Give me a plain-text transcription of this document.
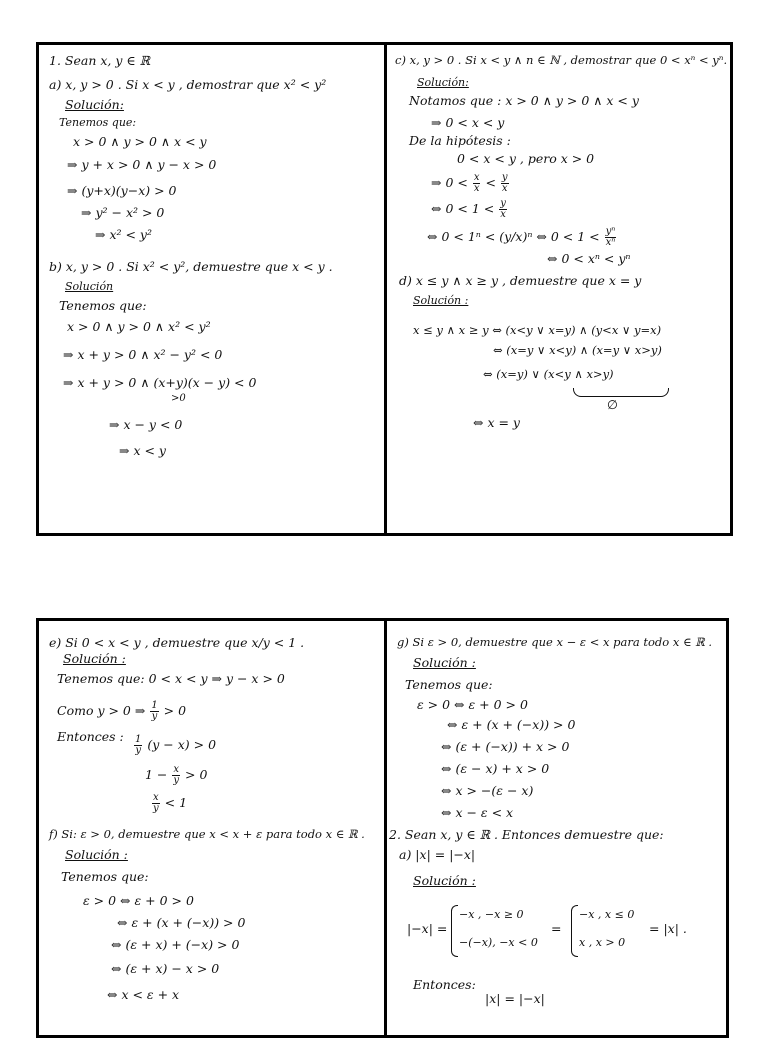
1. Sean x, y ∈ ℝ
a) x, y > 0 . Si x < y , demostrar que x² < y²
Solución:
Tenemos que:
x > 0 ∧ y > 0 ∧ x < y
⇒ y + x > 0 ∧ y − x > 0
⇒ (y+x)(y−x) > 0
⇒ y² − x² > 0
⇒ x² < y²
b) x, y > 0 . Si x² < y², demuestre que x < y .
Solución
Tenemos que:
x > 0 ∧ y > 0 ∧ x² < y²
⇒ x + y > 0 ∧ x² − y² < 0
⇒ x + y > 0 ∧ (x+y)(x − y) < 0
>0
⇒ x − y < 0
⇒ x < y
c) x, y > 0 . Si x < y ∧ n ∈ ℕ , demostrar que 0 < xⁿ < yⁿ.
Solución:
Notamos que : x > 0 ∧ y > 0 ∧ x < y
⇒ 0 < x < y
De la hipótesis :
0 < x < y , pero x > 0
⇒ $0 < \frac{x}{x} < \frac{y}{x}$
⇔ $0 < 1 < \frac{y}{x}$
⇔ 0 < 1ⁿ < (y/x)ⁿ ⇔ $0 < 1 < \frac{\text{yⁿ}}{\text{xⁿ}}$
⇔ 0 < xⁿ < yⁿ
d) x ≤ y ∧ x ≥ y , demuestre que x = y
Solución :
x ≤ y ∧ x ≥ y ⇔ (x<y ∨ x=y) ∧ (y<x ∨ y=x)
⇔ (x=y ∨ x<y) ∧ (x=y ∨ x>y)
⇔ (x=y) ∨ (x<y ∧ x>y)
∅
⇔ x = y
e) Si 0 < x < y , demuestre que x/y < 1 .
Solución :
Tenemos que: 0 < x < y ⇒ y − x > 0
Como y > 0 ⇒ $\frac{1}{y} > 0$
Entonces : $\frac{1}{y} (y - x) > 0$
$1 - \frac{x}{y} > 0$
$\frac{x}{y} < 1$
f) Si: ε > 0, demuestre que x < x + ε para todo x ∈ ℝ .
Solución :
Tenemos que:
ε > 0 ⇔ ε + 0 > 0
⇔ ε + (x + (−x)) > 0
⇔ (ε + x) + (−x) > 0
⇔ (ε + x) − x > 0
⇔ x < ε + x
g) Si ε > 0, demuestre que x − ε < x para todo x ∈ ℝ .
Solución :
Tenemos que:
ε > 0 ⇔ ε + 0 > 0
⇔ ε + (x + (−x)) > 0
⇔ (ε + (−x)) + x > 0
⇔ (ε − x) + x > 0
⇔ x > −(ε − x)
⇔ x − ε < x
2. Sean x, y ∈ ℝ . Entonces demuestre que:
a) |x| = |−x|
Solución :
|−x| =
−x , −x ≥ 0
−(−x), −x < 0
=
−x , x ≤ 0
x , x > 0
= |x| .
Entonces:
|x| = |−x|
